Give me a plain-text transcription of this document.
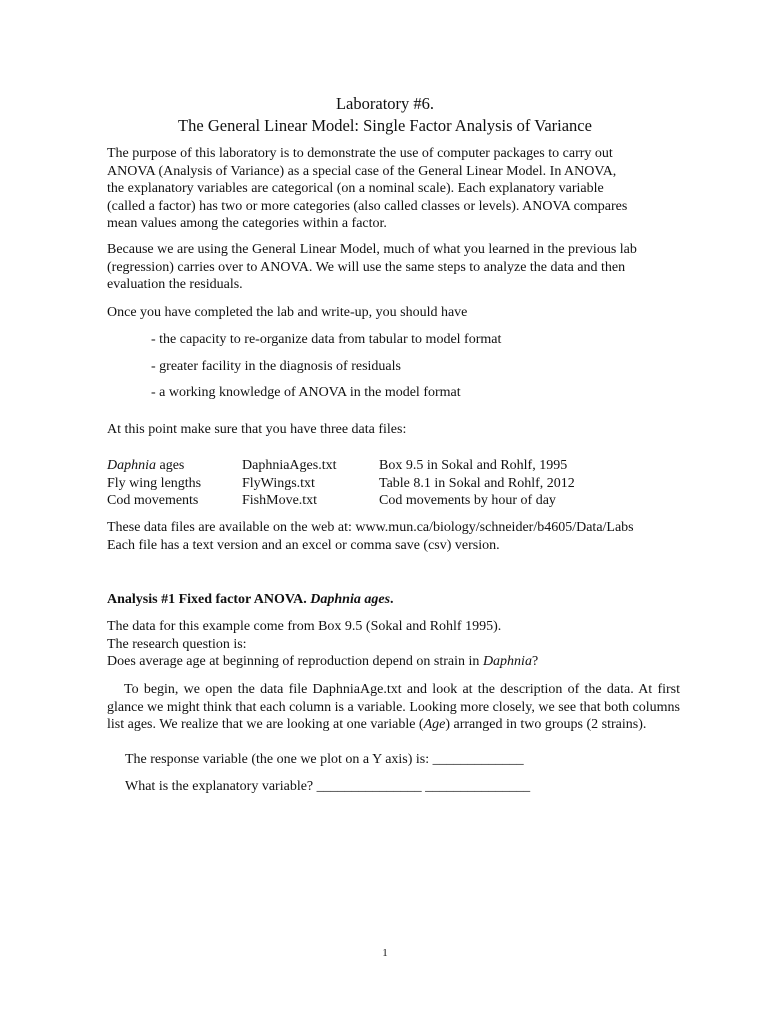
Laboratory #6.
The General Linear Model: Single Factor Analysis of Variance
The purpose of this laboratory is to demonstrate the use of computer packages to carry out
ANOVA (Analysis of Variance) as a special case of the General Linear Model. In ANOVA,
the explanatory variables are categorical (on a nominal scale). Each explanatory variable
(called a factor) has two or more categories (also called classes or levels). ANOVA compares
mean values among the categories within a factor.
Because we are using the General Linear Model, much of what you learned in the previous lab
(regression) carries over to ANOVA. We will use the same steps to analyze the data and then
evaluation the residuals.
Once you have completed the lab and write-up, you should have
- the capacity to re-organize data from tabular to model format
- greater facility in the diagnosis of residuals
- a working knowledge of ANOVA in the model format
At this point make sure that you have three data files:
Daphnia ages	DaphniaAges.txt	Box 9.5 in Sokal and Rohlf, 1995
Fly wing lengths	FlyWings.txt	Table 8.1 in Sokal and Rohlf, 2012
Cod movements	FishMove.txt	Cod movements by hour of day
These data files are available on the web at: www.mun.ca/biology/schneider/b4605/Data/Labs
Each file has a text version and an excel or comma save (csv) version.
Analysis #1 Fixed factor ANOVA. Daphnia ages.
The data for this example come from Box 9.5 (Sokal and Rohlf 1995).
The research question is:
Does average age at beginning of reproduction depend on strain in Daphnia?
To begin, we open the data file DaphniaAge.txt and look at the description of the data. At first glance we might think that each column is a variable. Looking more closely, we see that both columns list ages. We realize that we are looking at one variable (Age) arranged in two groups (2 strains).
The response variable (the one we plot on a Y axis) is: _____________
What is the explanatory variable? _______________ _______________
1
